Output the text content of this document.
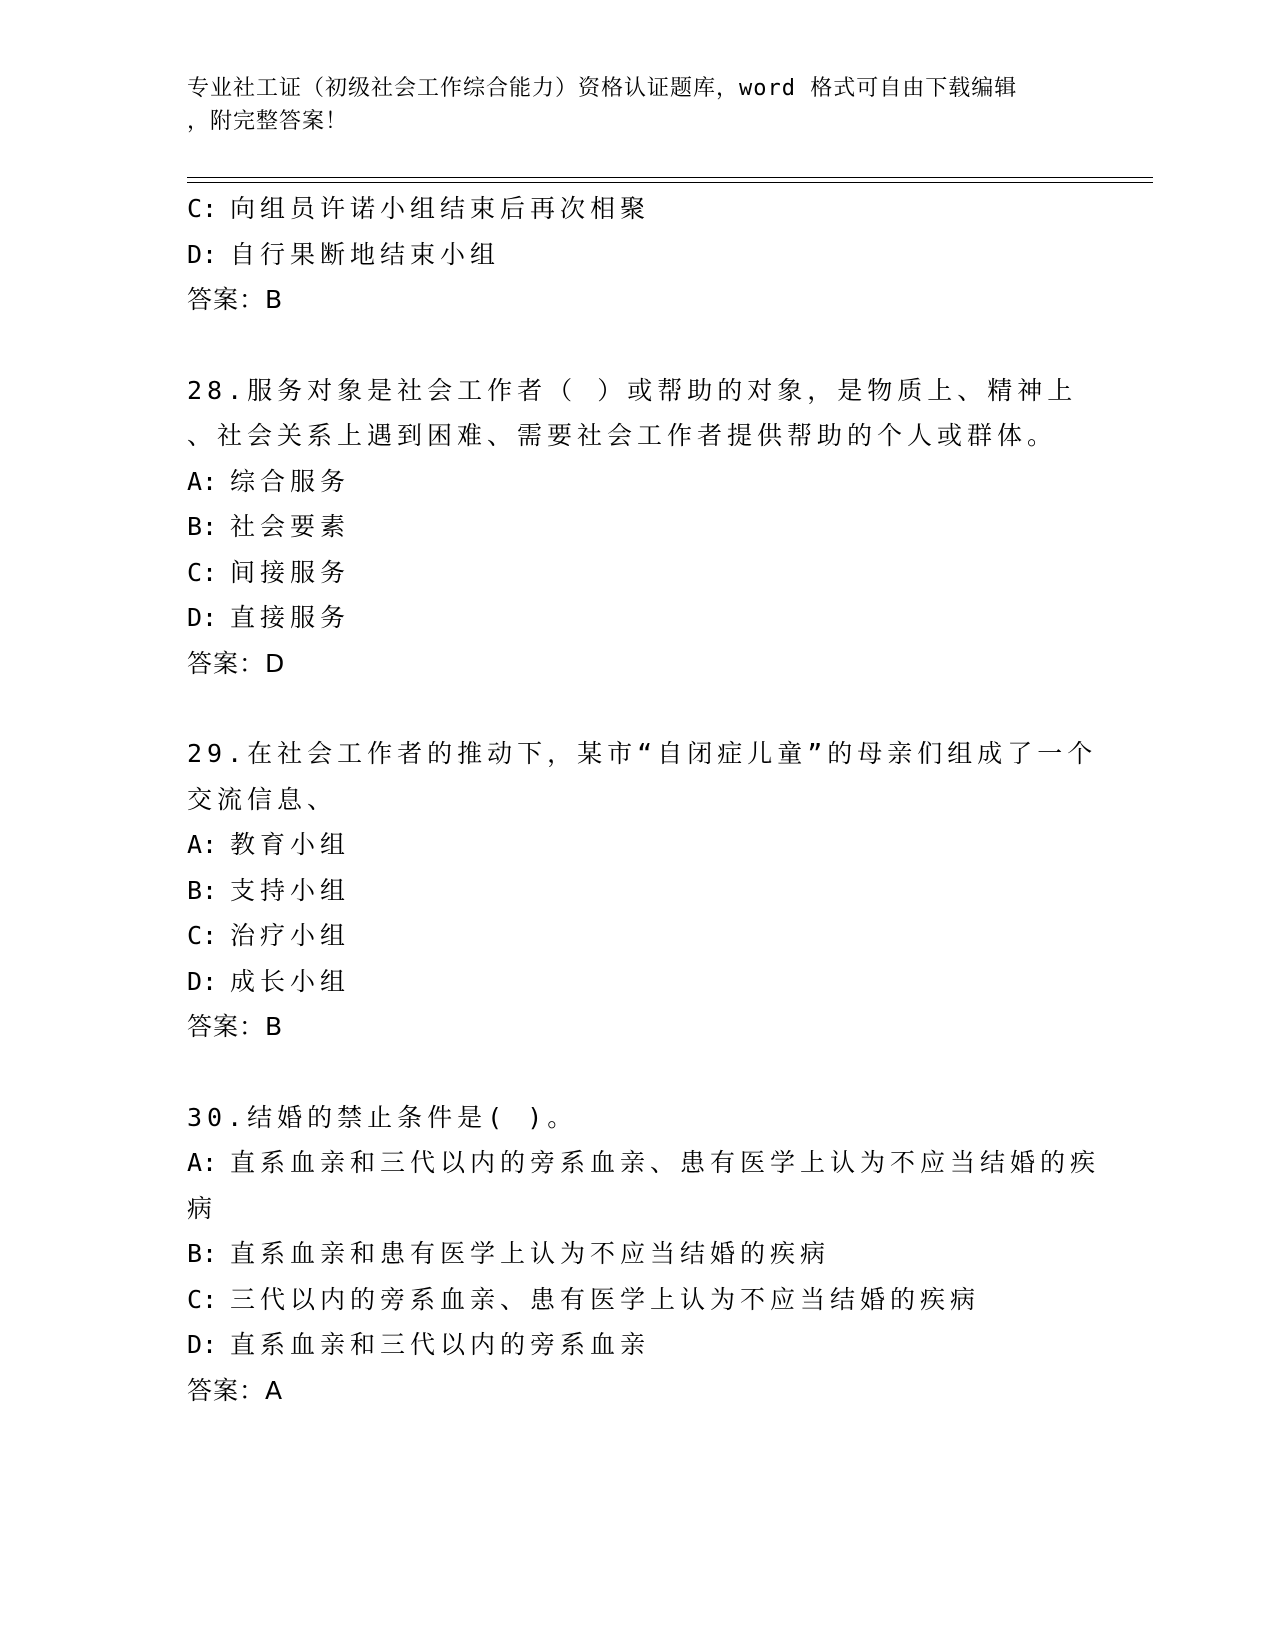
专业社工证（初级社会工作综合能力）资格认证题库，word 格式可自由下载编辑
，附完整答案！
C: 向组员许诺小组结束后再次相聚
D: 自行果断地结束小组
答案：B
28.服务对象是社会工作者（ ）或帮助的对象，是物质上、精神上
、社会关系上遇到困难、需要社会工作者提供帮助的个人或群体。
A: 综合服务
B: 社会要素
C: 间接服务
D: 直接服务
答案：D
29.在社会工作者的推动下，某市“自闭症儿童”的母亲们组成了一个
交流信息、
A: 教育小组
B: 支持小组
C: 治疗小组
D: 成长小组
答案：B
30.结婚的禁止条件是( )。
A: 直系血亲和三代以内的旁系血亲、患有医学上认为不应当结婚的疾
病
B: 直系血亲和患有医学上认为不应当结婚的疾病
C: 三代以内的旁系血亲、患有医学上认为不应当结婚的疾病
D: 直系血亲和三代以内的旁系血亲
答案：A
